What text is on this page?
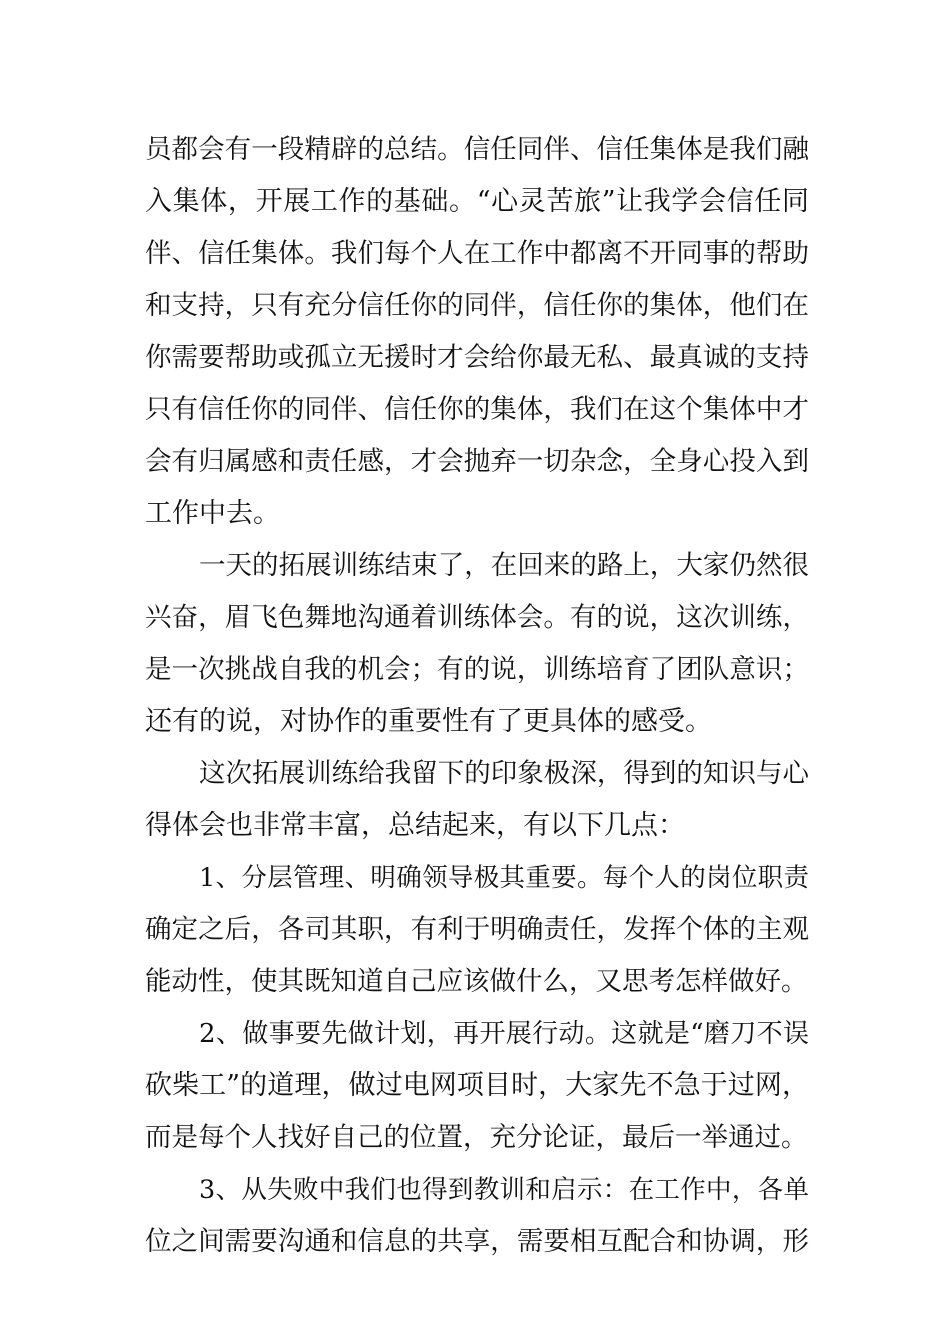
员都会有一段精辟的总结。信任同伴、信任集体是我们融
入集体，开展工作的基础。“心灵苦旅”让我学会信任同
伴、信任集体。我们每个人在工作中都离不开同事的帮助
和支持，只有充分信任你的同伴，信任你的集体，他们在
你需要帮助或孤立无援时才会给你最无私、最真诚的支持
只有信任你的同伴、信任你的集体，我们在这个集体中才
会有归属感和责任感，才会抛弃一切杂念，全身心投入到
工作中去。
一天的拓展训练结束了，在回来的路上，大家仍然很
兴奋，眉飞色舞地沟通着训练体会。有的说，这次训练，
是一次挑战自我的机会；有的说，训练培育了团队意识；
还有的说，对协作的重要性有了更具体的感受。
这次拓展训练给我留下的印象极深，得到的知识与心
得体会也非常丰富，总结起来，有以下几点：
1、分层管理、明确领导极其重要。每个人的岗位职责
确定之后，各司其职，有利于明确责任，发挥个体的主观
能动性，使其既知道自己应该做什么，又思考怎样做好。
2、做事要先做计划，再开展行动。这就是“磨刀不误
砍柴工”的道理，做过电网项目时，大家先不急于过网，
而是每个人找好自己的位置，充分论证，最后一举通过。
3、从失败中我们也得到教训和启示：在工作中，各单
位之间需要沟通和信息的共享，需要相互配合和协调，形
